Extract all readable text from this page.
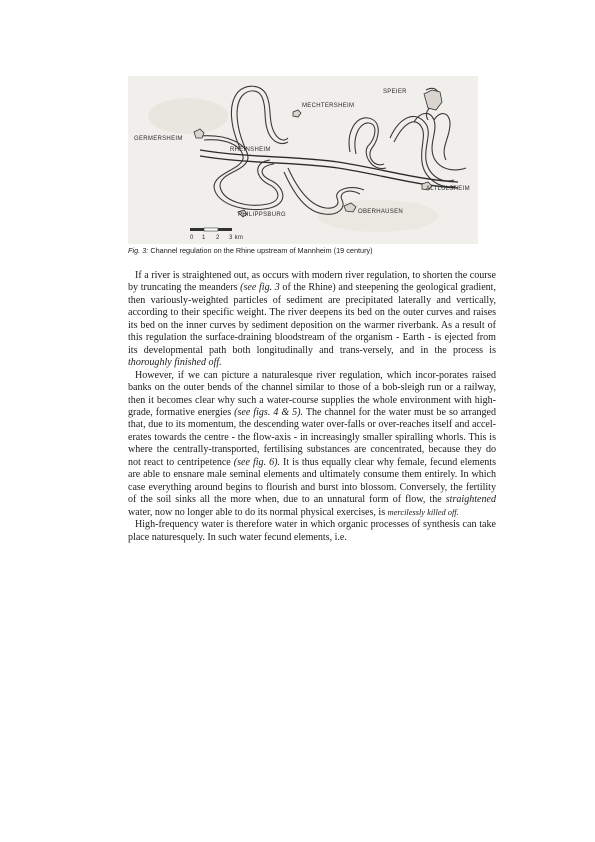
MECHTERSHEIM
SPEIER
GERMERSHEIM
RHEINSHEIM
ALTLULSHEIM
PHILIPPSBURG	OBERHAUSEN
0 1 2 3 km
Fig. 3: Channel regulation on the Rhine upstream of Mannheim (19 century)

If a river is straightened out, as occurs with modern river regulation, to shorten the course by truncating the meanders (see fig. 3 of the Rhine) and steepening the geological gradient, then variously-weighted particles of sediment are precipitated laterally and vertically, according to their specific weight. The river deepens its bed on the outer curves and raises its bed on the inner curves by sediment deposition on the warmer riverbank. As a result of this regulation the surface-draining bloodstream of the organism - Earth - is ejected from its developmental path both longitudinally and trans-versely, and in the process is thoroughly finished off.

However, if we can picture a naturalesque river regulation, which incor-porates raised banks on the outer bends of the channel similar to those of a bob-sleigh run or a railway, then it becomes clear why such a water-course supplies the whole environment with high-grade, formative energies (see figs. 4 & 5). The channel for the water must be so arranged that, due to its momentum, the descending water over-falls or over-reaches itself and accel-erates towards the centre - the flow-axis - in increasingly smaller spiralling whorls. This is where the centrally-transported, fertilising substances are concentrated, because they do not react to centripetence (see fig. 6). It is thus equally clear why female, fecund elements are able to ensnare male seminal elements and ultimately consume them entirely. In which case everything around begins to flourish and burst into blossom. Conversely, the fertility of the soil sinks all the more when, due to an unnatural form of flow, the straightened water, now no longer able to do its normal physical exercises, is mercilessly killed off.

High-frequency water is therefore water in which organic processes of synthesis can take place naturesquely. In such water fecund elements, i.e.
